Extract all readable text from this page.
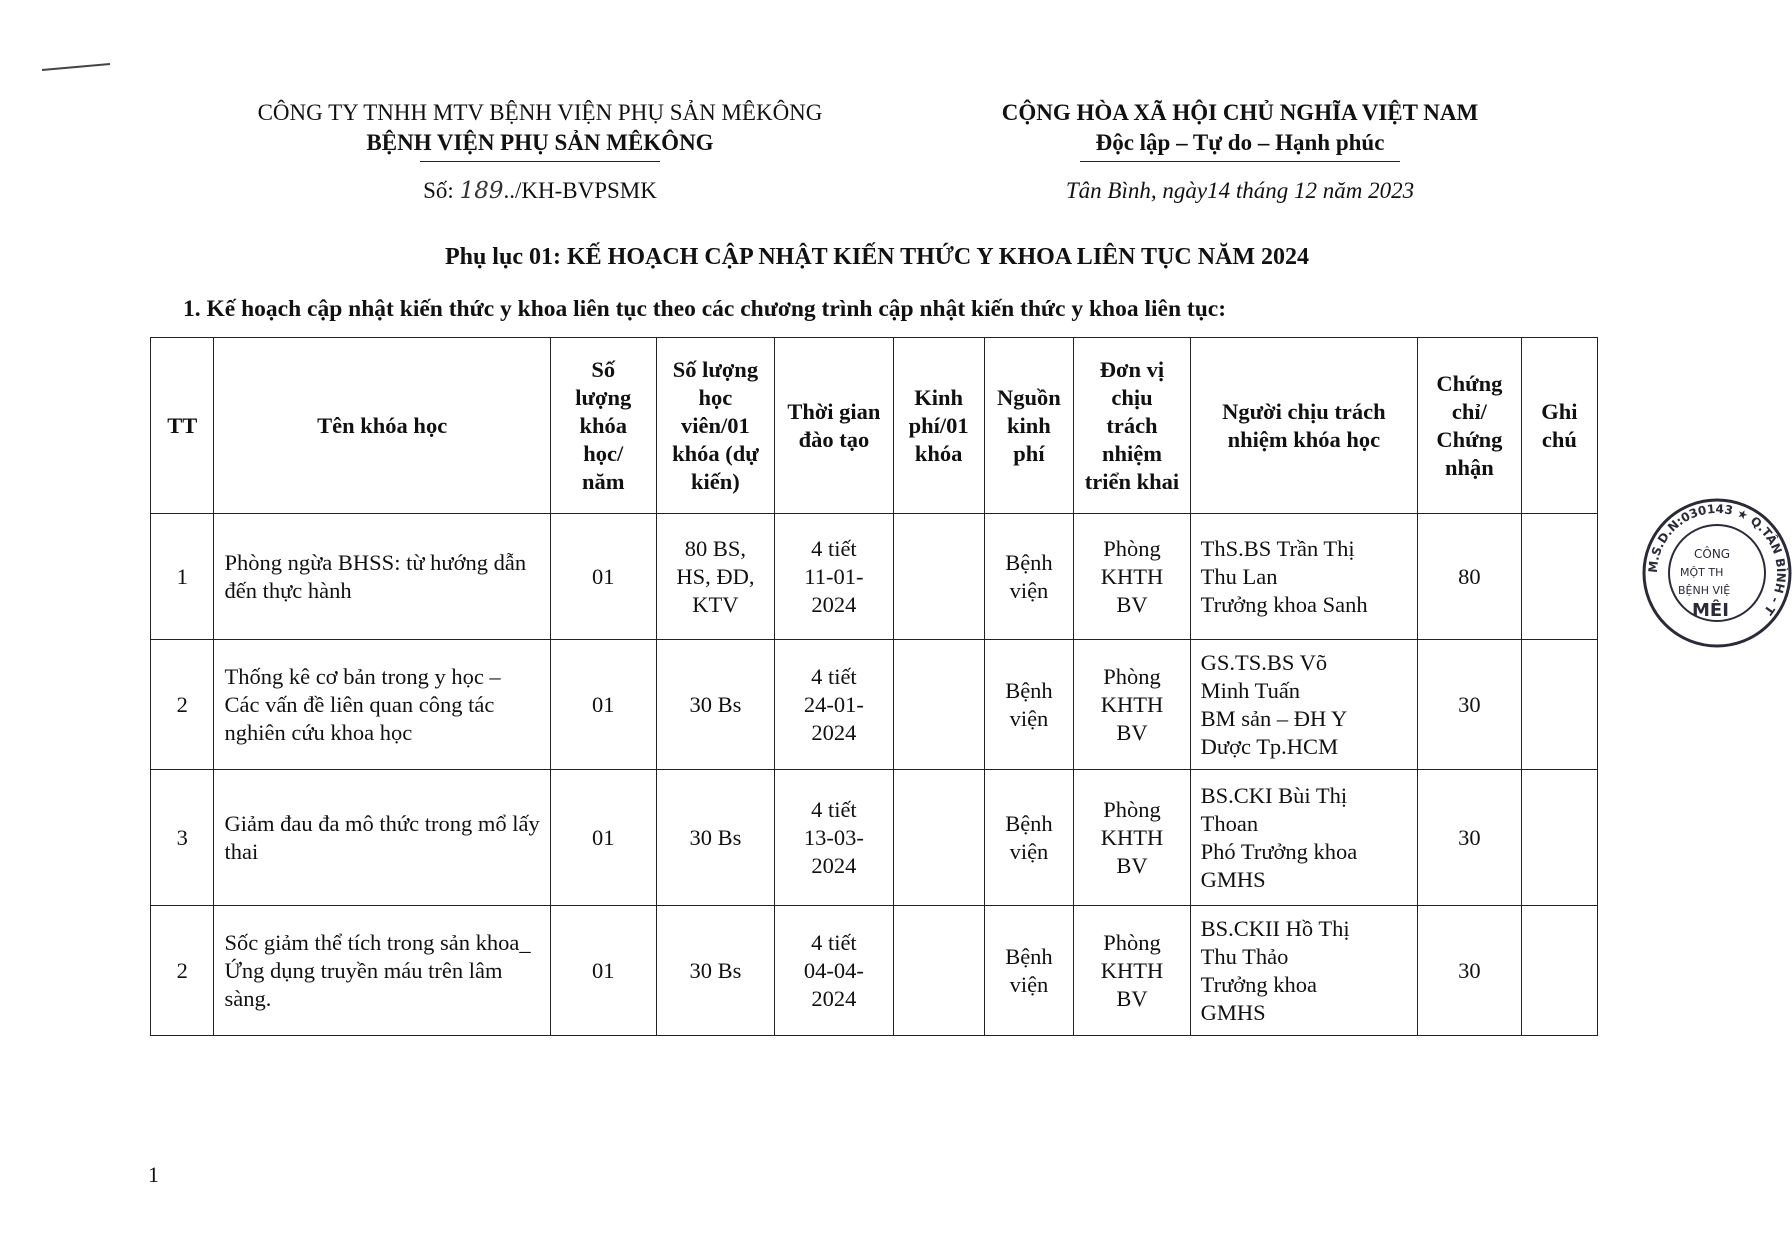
CÔNG TY TNHH MTV BỆNH VIỆN PHỤ SẢN MÊKÔNG
BỆNH VIỆN PHỤ SẢN MÊKÔNG
Số: 189../KH-BVPSMK
CỘNG HÒA XÃ HỘI CHỦ NGHĨA VIỆT NAM
Độc lập – Tự do – Hạnh phúc
Tân Bình, ngày14 tháng 12 năm 2023
Phụ lục 01: KẾ HOẠCH CẬP NHẬT KIẾN THỨC Y KHOA LIÊN TỤC NĂM 2024
1. Kế hoạch cập nhật kiến thức y khoa liên tục theo các chương trình cập nhật kiến thức y khoa liên tục:
TT	Tên khóa học	Số lượng khóa học/ năm	Số lượng học viên/01 khóa (dự kiến)	Thời gian đào tạo	Kinh phí/01 khóa	Nguồn kinh phí	Đơn vị chịu trách nhiệm triển khai	Người chịu trách nhiệm khóa học	Chứng chỉ/ Chứng nhận	Ghi chú
1	Phòng ngừa BHSS: từ hướng dẫn đến thực hành	01	80 BS,
HS, ĐD,
KTV	4 tiết
11-01-
2024		Bệnh
viện	Phòng
KHTH
BV	ThS.BS Trần Thị
Thu Lan
Trưởng khoa Sanh	80	
2	Thống kê cơ bản trong y học – Các vấn đề liên quan công tác nghiên cứu khoa học	01	30 Bs	4 tiết
24-01-
2024		Bệnh
viện	Phòng
KHTH
BV	GS.TS.BS Võ
Minh Tuấn
BM sản – ĐH Y
Dược Tp.HCM	30	
3	Giảm đau đa mô thức trong mổ lấy thai	01	30 Bs	4 tiết
13-03-
2024		Bệnh
viện	Phòng
KHTH
BV	BS.CKI Bùi Thị
Thoan
Phó Trưởng khoa
GMHS	30	
2	Sốc giảm thể tích trong sản khoa_ Ứng dụng truyền máu trên lâm sàng.	01	30 Bs	4 tiết
04-04-
2024		Bệnh
viện	Phòng
KHTH
BV	BS.CKII Hồ Thị
Thu Thảo
Trưởng khoa
GMHS	30	
1
M.S.D.N:030143 ★ Q.TÂN BÌNH - T
CÔNG
MỘT TH
BỆNH VIỆ
MÊI
